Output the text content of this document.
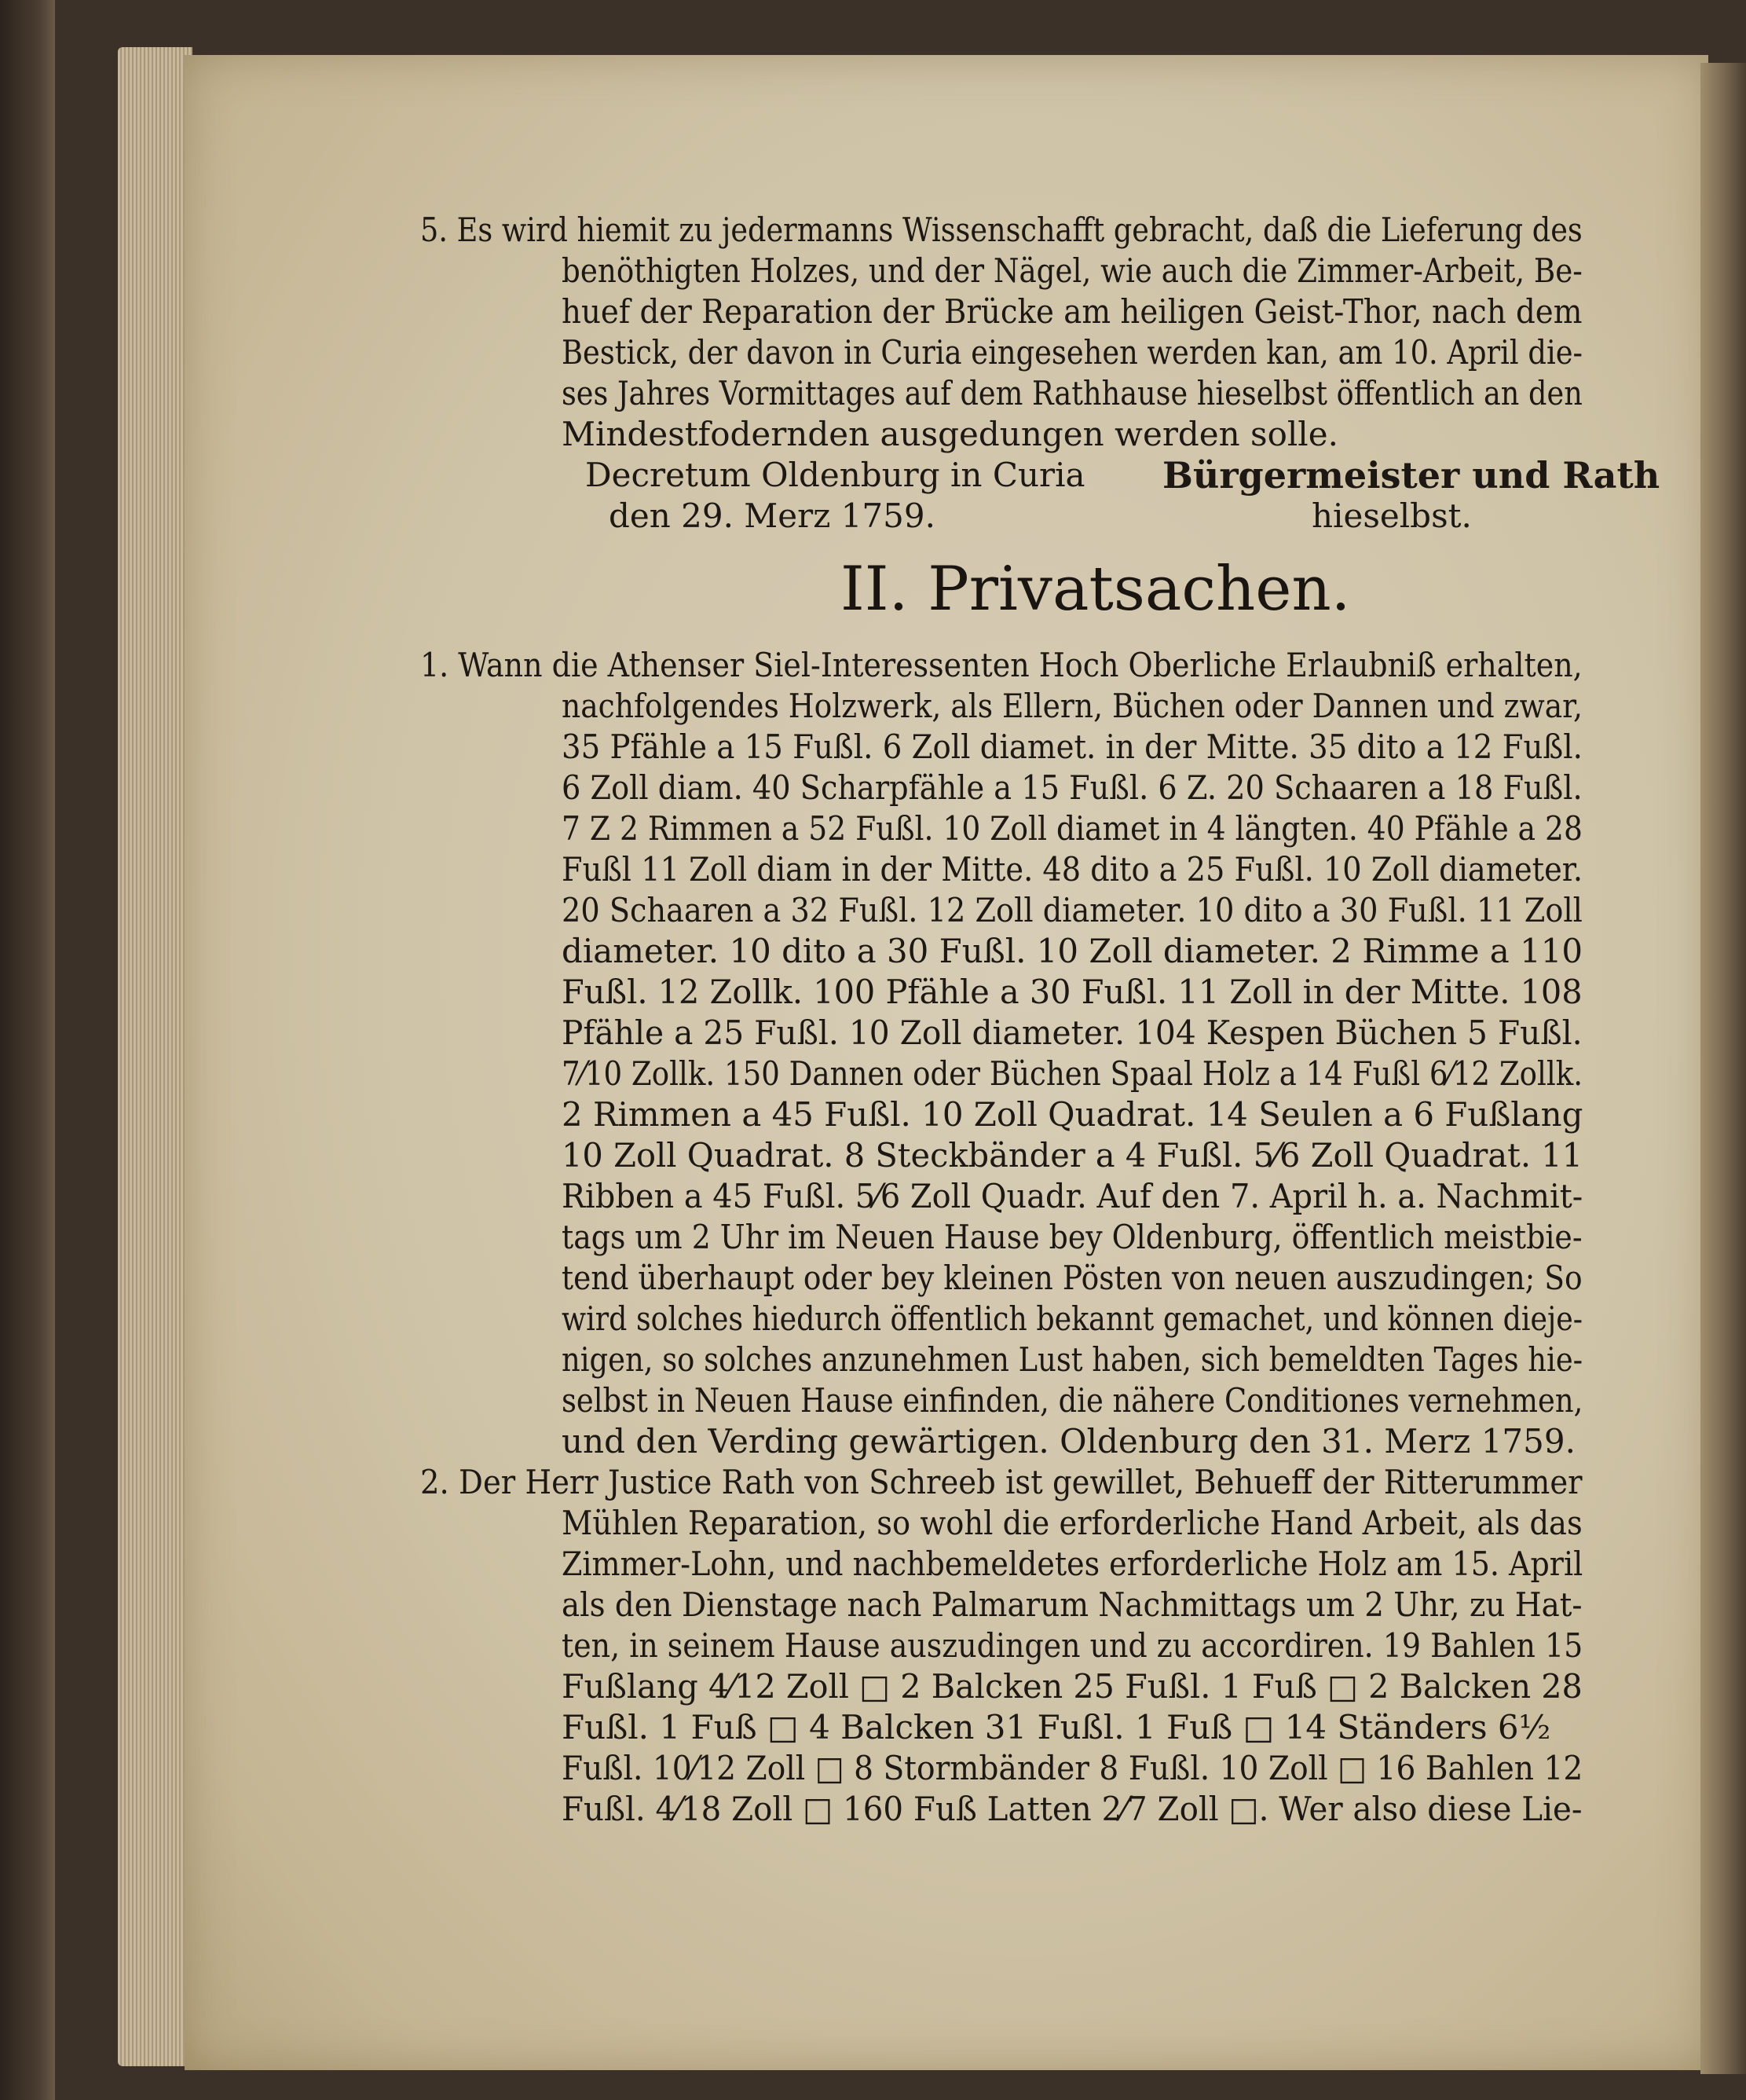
5. Es wird hiemit zu jedermanns Wissenschafft gebracht, daß die Lieferung des
benöthigten Holzes, und der Nägel, wie auch die Zimmer-Arbeit, Be-
huef der Reparation der Brücke am heiligen Geist-Thor, nach dem
Bestick, der davon in Curia eingesehen werden kan, am 10. April die-
ses Jahres Vormittages auf dem Rathhause hieselbst öffentlich an den
Mindestfodernden ausgedungen werden solle.
Decretum Oldenburg in Curia
den 29. Merz 1759.
Bürgermeister und Rath
hieselbst.
II. Privatsachen.
1. Wann die Athenser Siel-Interessenten Hoch Oberliche Erlaubniß erhalten,
nachfolgendes Holzwerk, als Ellern, Büchen oder Dannen und zwar,
35 Pfähle a 15 Fußl. 6 Zoll diamet. in der Mitte. 35 dito a 12 Fußl.
6 Zoll diam. 40 Scharpfähle a 15 Fußl. 6 Z. 20 Schaaren a 18 Fußl.
7 Z 2 Rimmen a 52 Fußl. 10 Zoll diamet in 4 längten. 40 Pfähle a 28
Fußl 11 Zoll diam in der Mitte. 48 dito a 25 Fußl. 10 Zoll diameter.
20 Schaaren a 32 Fußl. 12 Zoll diameter. 10 dito a 30 Fußl. 11 Zoll
diameter. 10 dito a 30 Fußl. 10 Zoll diameter. 2 Rimme a 110
Fußl. 12 Zollk. 100 Pfähle a 30 Fußl. 11 Zoll in der Mitte. 108
Pfähle a 25 Fußl. 10 Zoll diameter. 104 Kespen Büchen 5 Fußl.
7⁄10 Zollk. 150 Dannen oder Büchen Spaal Holz a 14 Fußl 6⁄12 Zollk.
2 Rimmen a 45 Fußl. 10 Zoll Quadrat. 14 Seulen a 6 Fußlang
10 Zoll Quadrat. 8 Steckbänder a 4 Fußl. 5⁄6 Zoll Quadrat. 11
Ribben a 45 Fußl. 5⁄6 Zoll Quadr. Auf den 7. April h. a. Nachmit-
tags um 2 Uhr im Neuen Hause bey Oldenburg, öffentlich meistbie-
tend überhaupt oder bey kleinen Pösten von neuen auszudingen; So
wird solches hiedurch öffentlich bekannt gemachet, und können dieje-
nigen, so solches anzunehmen Lust haben, sich bemeldten Tages hie-
selbst in Neuen Hause einfinden, die nähere Conditiones vernehmen,
und den Verding gewärtigen. Oldenburg den 31. Merz 1759.
2. Der Herr Justice Rath von Schreeb ist gewillet, Behueff der Ritterummer
Mühlen Reparation, so wohl die erforderliche Hand Arbeit, als das
Zimmer-Lohn, und nachbemeldetes erforderliche Holz am 15. April
als den Dienstage nach Palmarum Nachmittags um 2 Uhr, zu Hat-
ten, in seinem Hause auszudingen und zu accordiren. 19 Bahlen 15
Fußlang 4⁄12 Zoll □ 2 Balcken 25 Fußl. 1 Fuß □ 2 Balcken 28
Fußl. 1 Fuß □ 4 Balcken 31 Fußl. 1 Fuß □ 14 Ständers 6½
Fußl. 10⁄12 Zoll □ 8 Stormbänder 8 Fußl. 10 Zoll □ 16 Bahlen 12
Fußl. 4⁄18 Zoll □ 160 Fuß Latten 2⁄7 Zoll □. Wer also diese Lie-
